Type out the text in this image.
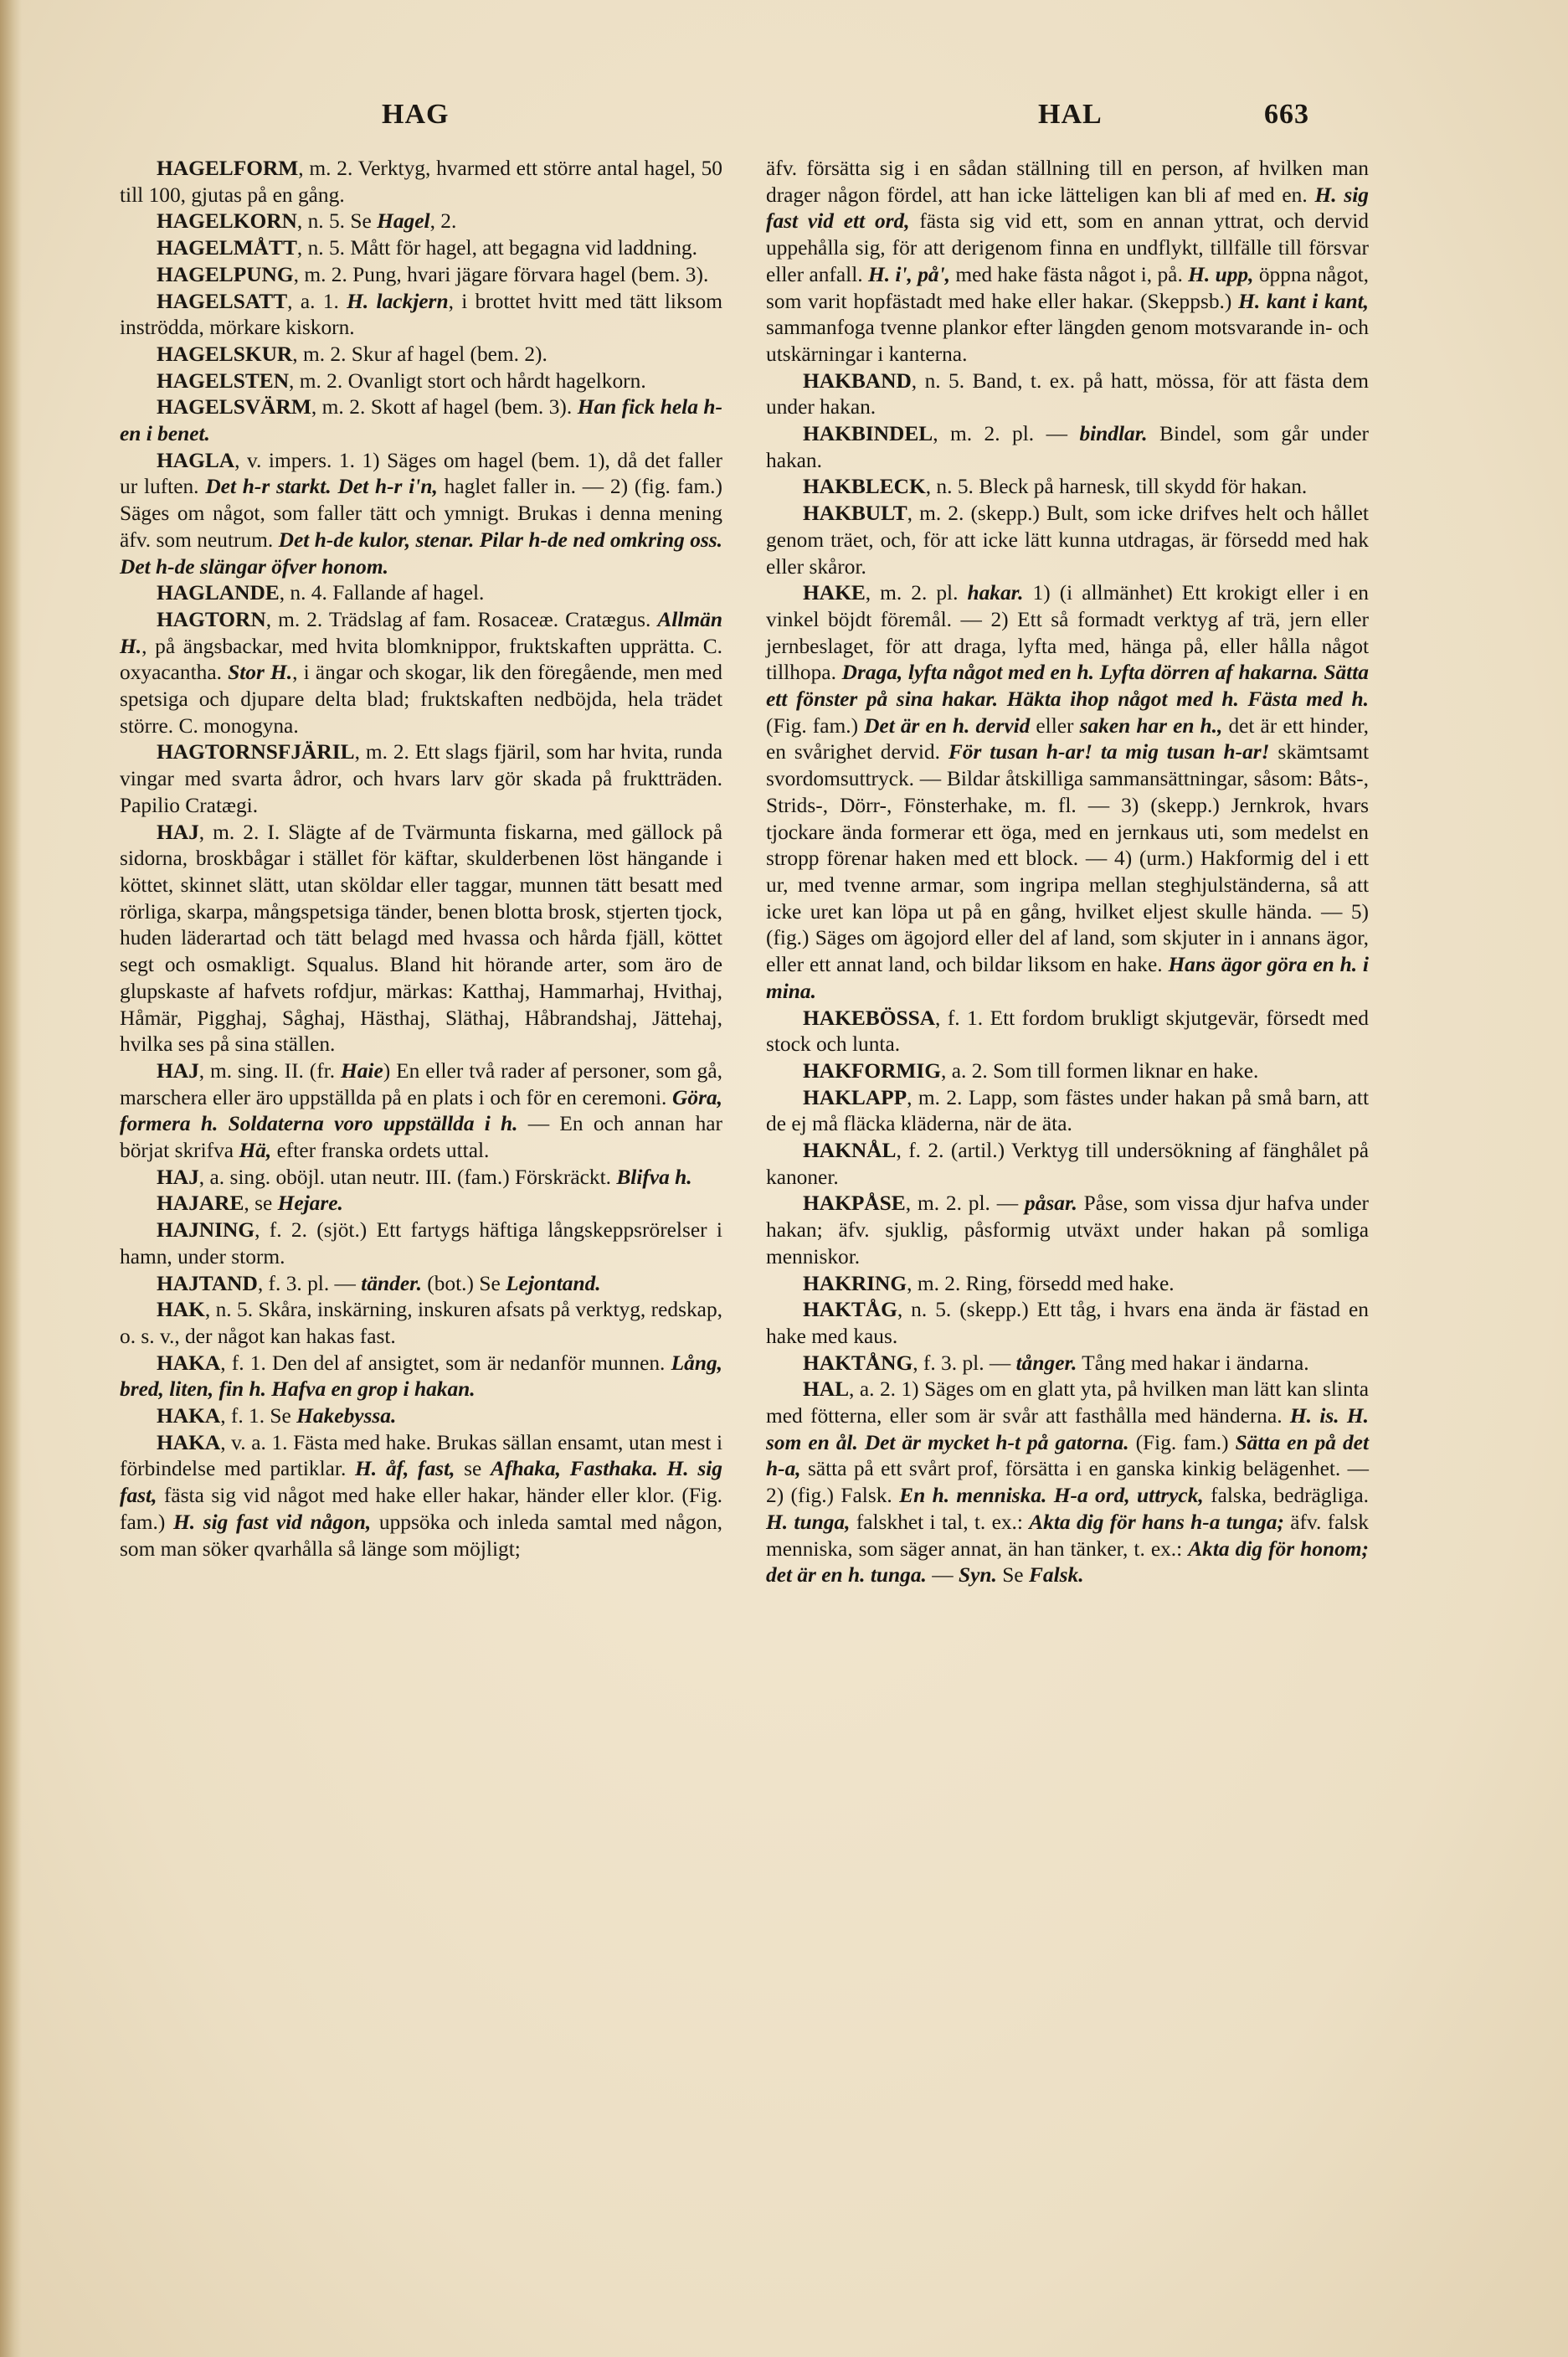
HAG	HAL	663

HAGELFORM, m. 2. Verktyg, hvarmed ett större antal hagel, 50 till 100, gjutas på en gång.

HAGELKORN, n. 5. Se Hagel, 2.

HAGELMÅTT, n. 5. Mått för hagel, att begagna vid laddning.

HAGELPUNG, m. 2. Pung, hvari jägare förvara hagel (bem. 3).

HAGELSATT, a. 1. H. lackjern, i brottet hvitt med tätt liksom inströdda, mörkare kiskorn.

HAGELSKUR, m. 2. Skur af hagel (bem. 2).

HAGELSTEN, m. 2. Ovanligt stort och hårdt hagelkorn.

HAGELSVÄRM, m. 2. Skott af hagel (bem. 3). Han fick hela h-en i benet.

HAGLA, v. impers. 1. 1) Säges om hagel (bem. 1), då det faller ur luften. Det h-r starkt. Det h-r i'n, haglet faller in. — 2) (fig. fam.) Säges om något, som faller tätt och ymnigt. Brukas i denna mening äfv. som neutrum. Det h-de kulor, stenar. Pilar h-de ned omkring oss. Det h-de slängar öfver honom.

HAGLANDE, n. 4. Fallande af hagel.

HAGTORN, m. 2. Trädslag af fam. Rosaceæ. Cratægus. Allmän H., på ängsbackar, med hvita blomknippor, fruktskaften upprätta. C. oxyacantha. Stor H., i ängar och skogar, lik den föregående, men med spetsiga och djupare delta blad; fruktskaften nedböjda, hela trädet större. C. monogyna.

HAGTORNSFJÄRIL, m. 2. Ett slags fjäril, som har hvita, runda vingar med svarta ådror, och hvars larv gör skada på fruktträden. Papilio Cratægi.

HAJ, m. 2. I. Slägte af de Tvärmunta fiskarna, med gällock på sidorna, broskbågar i stället för käftar, skulderbenen löst hängande i köttet, skinnet slätt, utan sköldar eller taggar, munnen tätt besatt med rörliga, skarpa, mångspetsiga tänder, benen blotta brosk, stjerten tjock, huden läderartad och tätt belagd med hvassa och hårda fjäll, köttet segt och osmakligt. Squalus. Bland hit hörande arter, som äro de glupskaste af hafvets rofdjur, märkas: Katthaj, Hammarhaj, Hvithaj, Håmär, Pigghaj, Såghaj, Hästhaj, Släthaj, Håbrandshaj, Jättehaj, hvilka ses på sina ställen.

HAJ, m. sing. II. (fr. Haie) En eller två rader af personer, som gå, marschera eller äro uppställda på en plats i och för en ceremoni. Göra, formera h. Soldaterna voro uppställda i h. — En och annan har börjat skrifva Hä, efter franska ordets uttal.

HAJ, a. sing. oböjl. utan neutr. III. (fam.) Förskräckt. Blifva h.

HAJARE, se Hejare.

HAJNING, f. 2. (sjöt.) Ett fartygs häftiga långskeppsrörelser i hamn, under storm.

HAJTAND, f. 3. pl. — tänder. (bot.) Se Lejontand.

HAK, n. 5. Skåra, inskärning, inskuren afsats på verktyg, redskap, o. s. v., der något kan hakas fast.

HAKA, f. 1. Den del af ansigtet, som är nedanför munnen. Lång, bred, liten, fin h. Hafva en grop i hakan.

HAKA, f. 1. Se Hakebyssa.

HAKA, v. a. 1. Fästa med hake. Brukas sällan ensamt, utan mest i förbindelse med partiklar. H. åf, fast, se Afhaka, Fasthaka. H. sig fast, fästa sig vid något med hake eller hakar, händer eller klor. (Fig. fam.) H. sig fast vid någon, uppsöka och inleda samtal med någon, som man söker qvarhålla så länge som möjligt;

äfv. försätta sig i en sådan ställning till en person, af hvilken man drager någon fördel, att han icke lätteligen kan bli af med en. H. sig fast vid ett ord, fästa sig vid ett, som en annan yttrat, och dervid uppehålla sig, för att derigenom finna en undflykt, tillfälle till försvar eller anfall. H. i', på', med hake fästa något i, på. H. upp, öppna något, som varit hopfästadt med hake eller hakar. (Skeppsb.) H. kant i kant, sammanfoga tvenne plankor efter längden genom motsvarande in- och utskärningar i kanterna.

HAKBAND, n. 5. Band, t. ex. på hatt, mössa, för att fästa dem under hakan.

HAKBINDEL, m. 2. pl. — bindlar. Bindel, som går under hakan.

HAKBLECK, n. 5. Bleck på harnesk, till skydd för hakan.

HAKBULT, m. 2. (skepp.) Bult, som icke drifves helt och hållet genom träet, och, för att icke lätt kunna utdragas, är försedd med hak eller skåror.

HAKE, m. 2. pl. hakar. 1) (i allmänhet) Ett krokigt eller i en vinkel böjdt föremål. — 2) Ett så formadt verktyg af trä, jern eller jernbeslaget, för att draga, lyfta med, hänga på, eller hålla något tillhopa. Draga, lyfta något med en h. Lyfta dörren af hakarna. Sätta ett fönster på sina hakar. Häkta ihop något med h. Fästa med h. (Fig. fam.) Det är en h. dervid eller saken har en h., det är ett hinder, en svårighet dervid. För tusan h-ar! ta mig tusan h-ar! skämtsamt svordomsuttryck. — Bildar åtskilliga sammansättningar, såsom: Båts-, Strids-, Dörr-, Fönsterhake, m. fl. — 3) (skepp.) Jernkrok, hvars tjockare ända formerar ett öga, med en jernkaus uti, som medelst en stropp förenar haken med ett block. — 4) (urm.) Hakformig del i ett ur, med tvenne armar, som ingripa mellan steghjulständerna, så att icke uret kan löpa ut på en gång, hvilket eljest skulle hända. — 5) (fig.) Säges om ägojord eller del af land, som skjuter in i annans ägor, eller ett annat land, och bildar liksom en hake. Hans ägor göra en h. i mina.

HAKEBÖSSA, f. 1. Ett fordom brukligt skjutgevär, försedt med stock och lunta.

HAKFORMIG, a. 2. Som till formen liknar en hake.

HAKLAPP, m. 2. Lapp, som fästes under hakan på små barn, att de ej må fläcka kläderna, när de äta.

HAKNÅL, f. 2. (artil.) Verktyg till undersökning af fänghålet på kanoner.

HAKPÅSE, m. 2. pl. — påsar. Påse, som vissa djur hafva under hakan; äfv. sjuklig, påsformig utväxt under hakan på somliga menniskor.

HAKRING, m. 2. Ring, försedd med hake.

HAKTÅG, n. 5. (skepp.) Ett tåg, i hvars ena ända är fästad en hake med kaus.

HAKTÅNG, f. 3. pl. — tånger. Tång med hakar i ändarna.

HAL, a. 2. 1) Säges om en glatt yta, på hvilken man lätt kan slinta med fötterna, eller som är svår att fasthålla med händerna. H. is. H. som en ål. Det är mycket h-t på gatorna. (Fig. fam.) Sätta en på det h-a, sätta på ett svårt prof, försätta i en ganska kinkig belägenhet. — 2) (fig.) Falsk. En h. menniska. H-a ord, uttryck, falska, bedrägliga. H. tunga, falskhet i tal, t. ex.: Akta dig för hans h-a tunga; äfv. falsk menniska, som säger annat, än han tänker, t. ex.: Akta dig för honom; det är en h. tunga. — Syn. Se Falsk.
